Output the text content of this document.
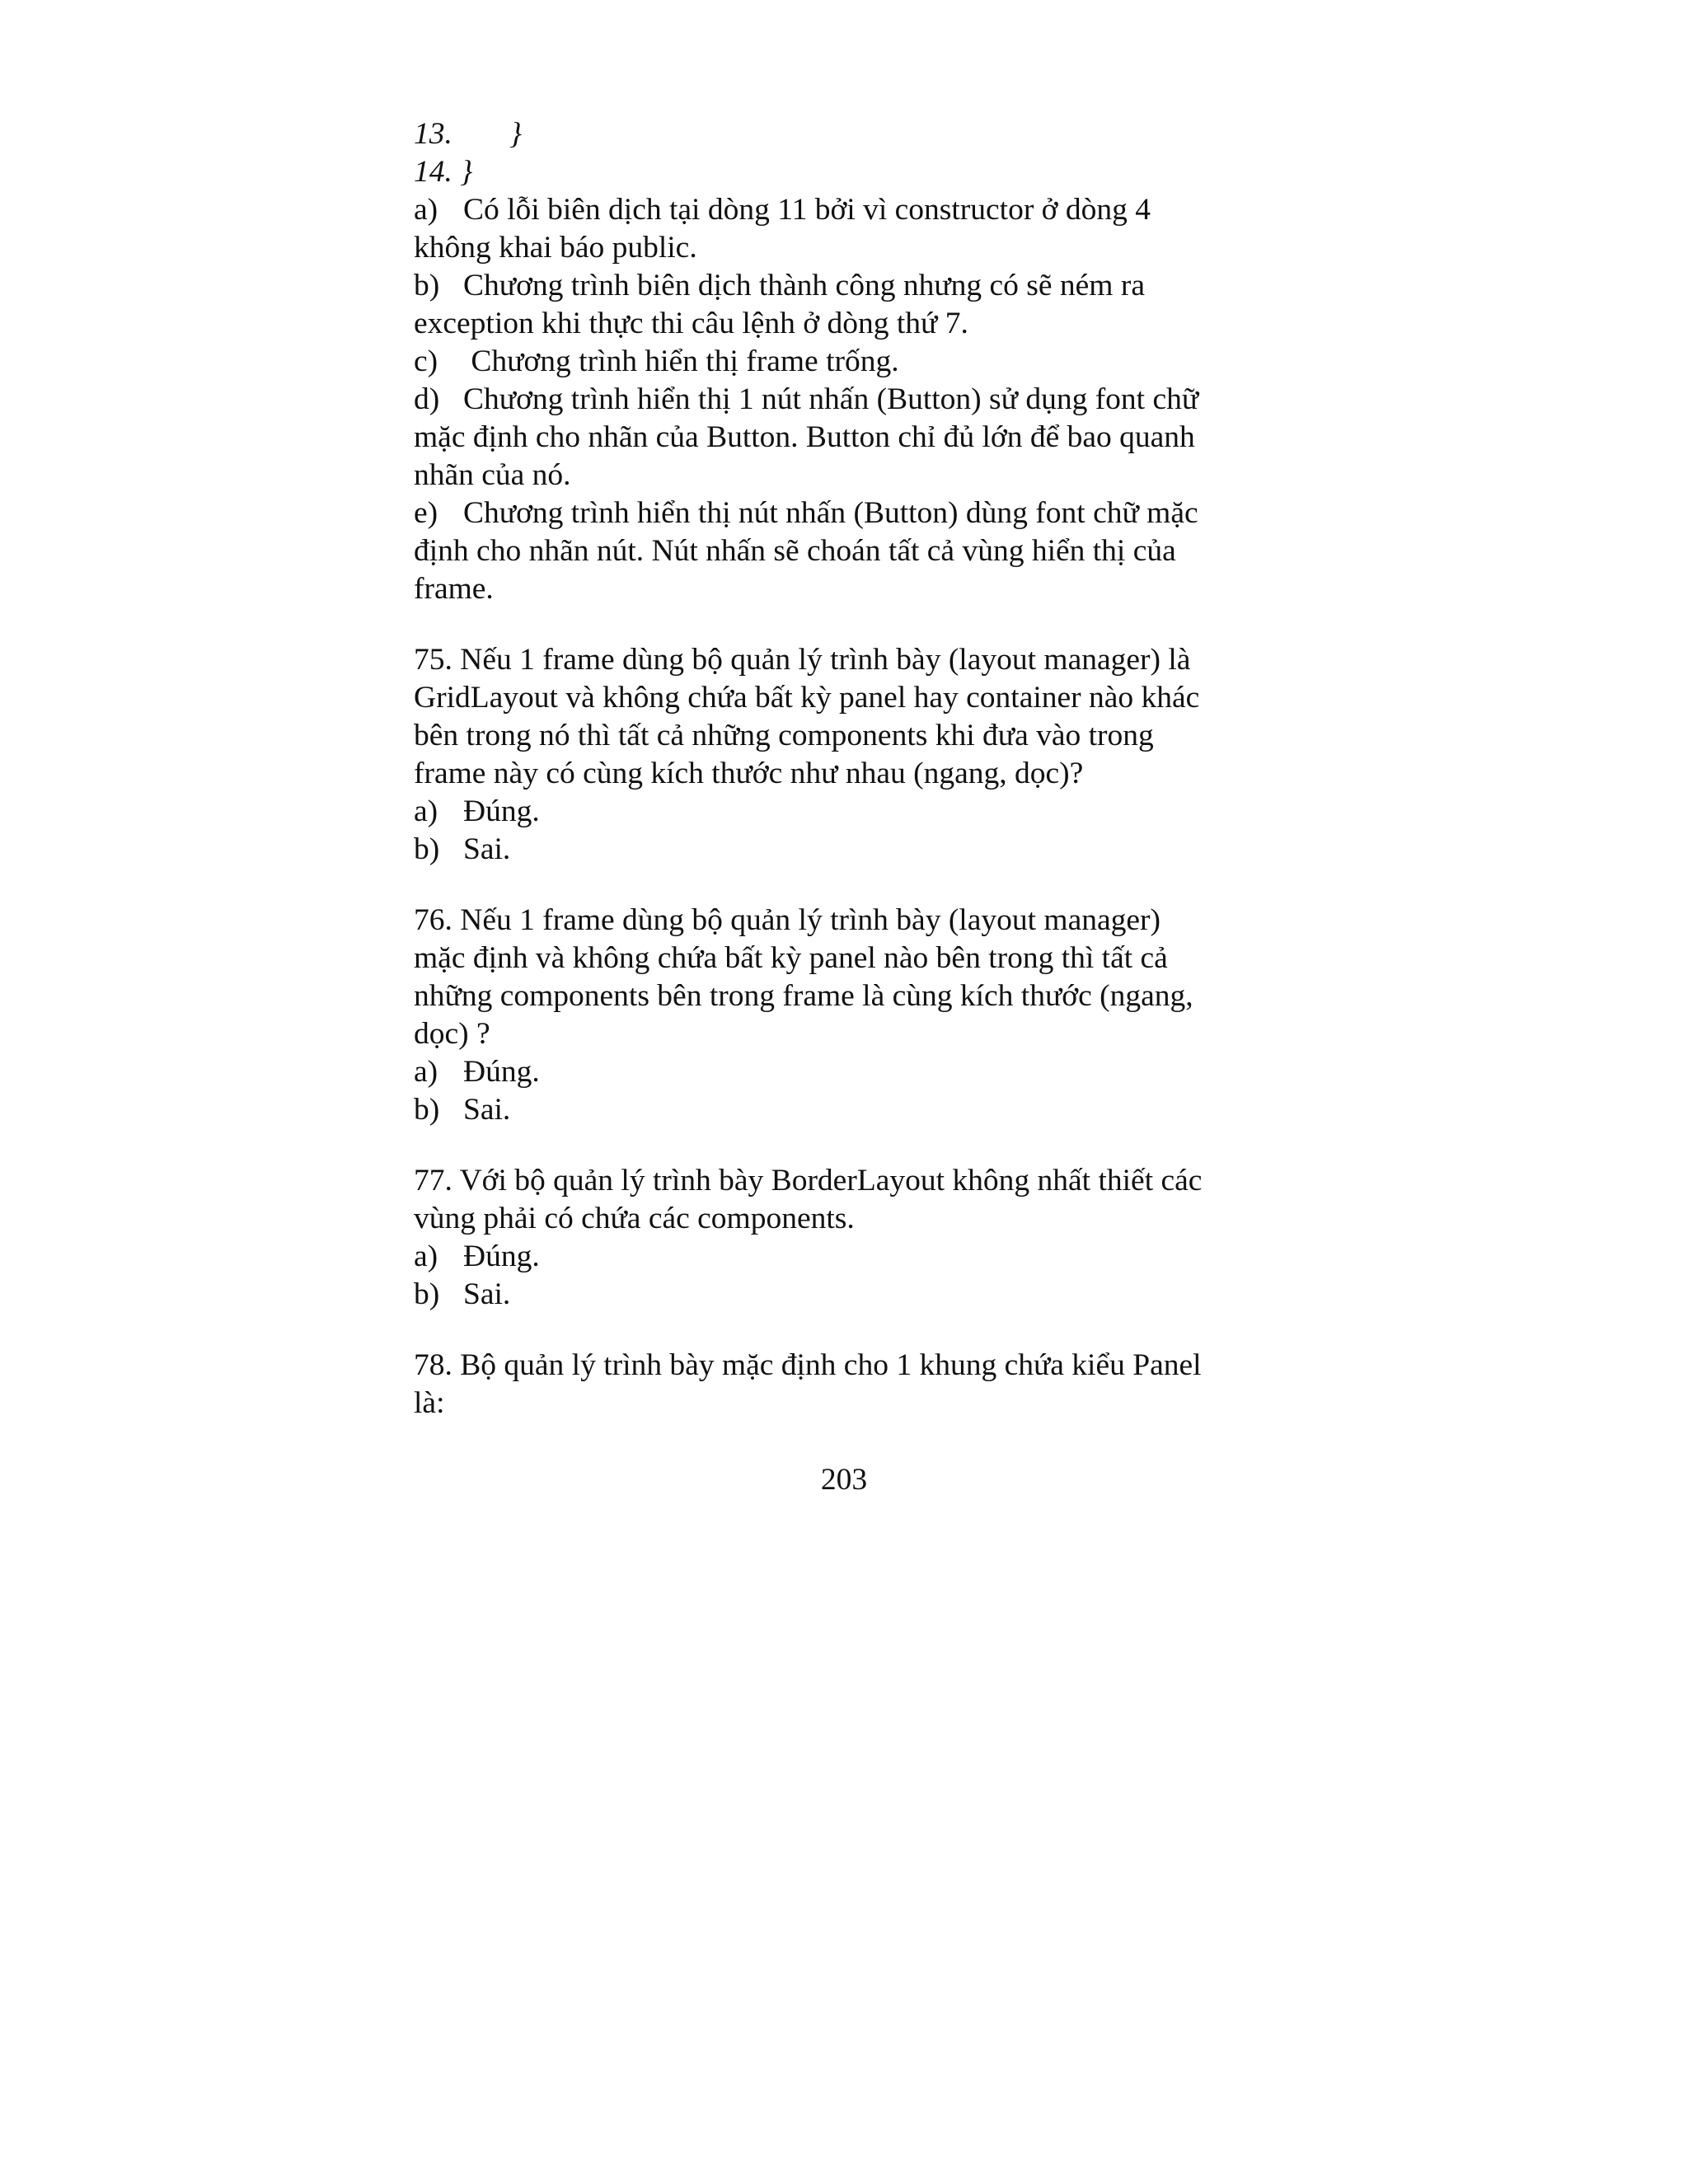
13. }
14. }
a) Có lỗi biên dịch tại dòng 11 bởi vì constructor ở dòng 4
không khai báo public.
b) Chương trình biên dịch thành công nhưng có sẽ ném ra
exception khi thực thi câu lệnh ở dòng thứ 7.
c) Chương trình hiển thị frame trống.
d) Chương trình hiển thị 1 nút nhấn (Button) sử dụng font chữ
mặc định cho nhãn của Button. Button chỉ đủ lớn để bao quanh
nhãn của nó.
e) Chương trình hiển thị nút nhấn (Button) dùng font chữ mặc
định cho nhãn nút. Nút nhấn sẽ choán tất cả vùng hiển thị của
frame.
75. Nếu 1 frame dùng bộ quản lý trình bày (layout manager) là
GridLayout và không chứa bất kỳ panel hay container nào khác
bên trong nó thì tất cả những components khi đưa vào trong
frame này có cùng kích thước như nhau (ngang, dọc)?
a) Đúng.
b) Sai.
76. Nếu 1 frame dùng bộ quản lý trình bày (layout manager)
mặc định và không chứa bất kỳ panel nào bên trong thì tất cả
những components bên trong frame là cùng kích thước (ngang,
dọc) ?
a) Đúng.
b) Sai.
77. Với bộ quản lý trình bày BorderLayout không nhất thiết các
vùng phải có chứa các components.
a) Đúng.
b) Sai.
78. Bộ quản lý trình bày mặc định cho 1 khung chứa kiểu Panel
là:
203
